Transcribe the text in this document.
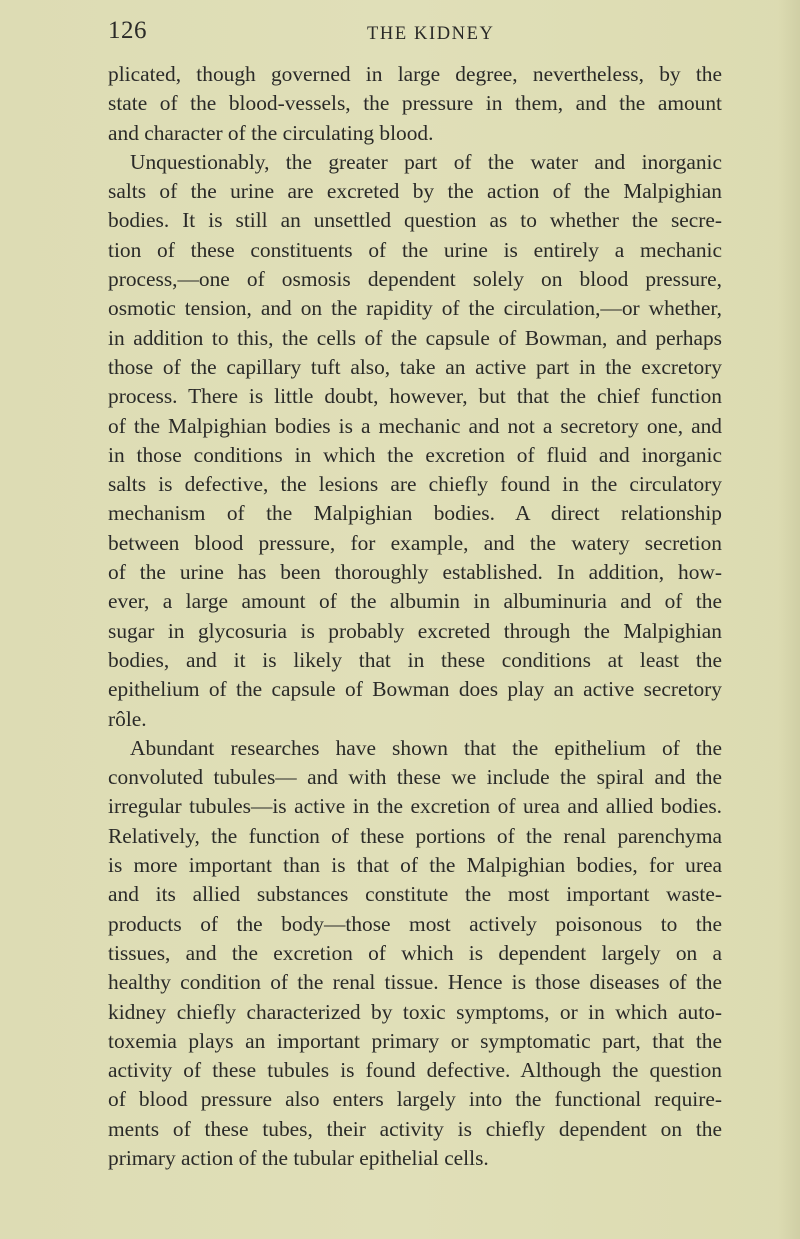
126	THE KIDNEY
plicated, though governed in large degree, nevertheless, by the
state of the blood-vessels, the pressure in them, and the amount
and character of the circulating blood.
Unquestionably, the greater part of the water and inorganic
salts of the urine are excreted by the action of the Malpighian
bodies. It is still an unsettled question as to whether the secre-
tion of these constituents of the urine is entirely a mechanic
process,—one of osmosis dependent solely on blood pressure,
osmotic tension, and on the rapidity of the circulation,—or whether,
in addition to this, the cells of the capsule of Bowman, and perhaps
those of the capillary tuft also, take an active part in the excretory
process. There is little doubt, however, but that the chief function
of the Malpighian bodies is a mechanic and not a secretory one, and
in those conditions in which the excretion of fluid and inorganic
salts is defective, the lesions are chiefly found in the circulatory
mechanism of the Malpighian bodies. A direct relationship
between blood pressure, for example, and the watery secretion
of the urine has been thoroughly established. In addition, how-
ever, a large amount of the albumin in albuminuria and of the
sugar in glycosuria is probably excreted through the Malpighian
bodies, and it is likely that in these conditions at least the
epithelium of the capsule of Bowman does play an active secretory
rôle.
Abundant researches have shown that the epithelium of the
convoluted tubules— and with these we include the spiral and the
irregular tubules—is active in the excretion of urea and allied bodies.
Relatively, the function of these portions of the renal parenchyma
is more important than is that of the Malpighian bodies, for urea
and its allied substances constitute the most important waste-
products of the body—those most actively poisonous to the
tissues, and the excretion of which is dependent largely on a
healthy condition of the renal tissue. Hence is those diseases of the
kidney chiefly characterized by toxic symptoms, or in which auto-
toxemia plays an important primary or symptomatic part, that the
activity of these tubules is found defective. Although the question
of blood pressure also enters largely into the functional require-
ments of these tubes, their activity is chiefly dependent on the
primary action of the tubular epithelial cells.
